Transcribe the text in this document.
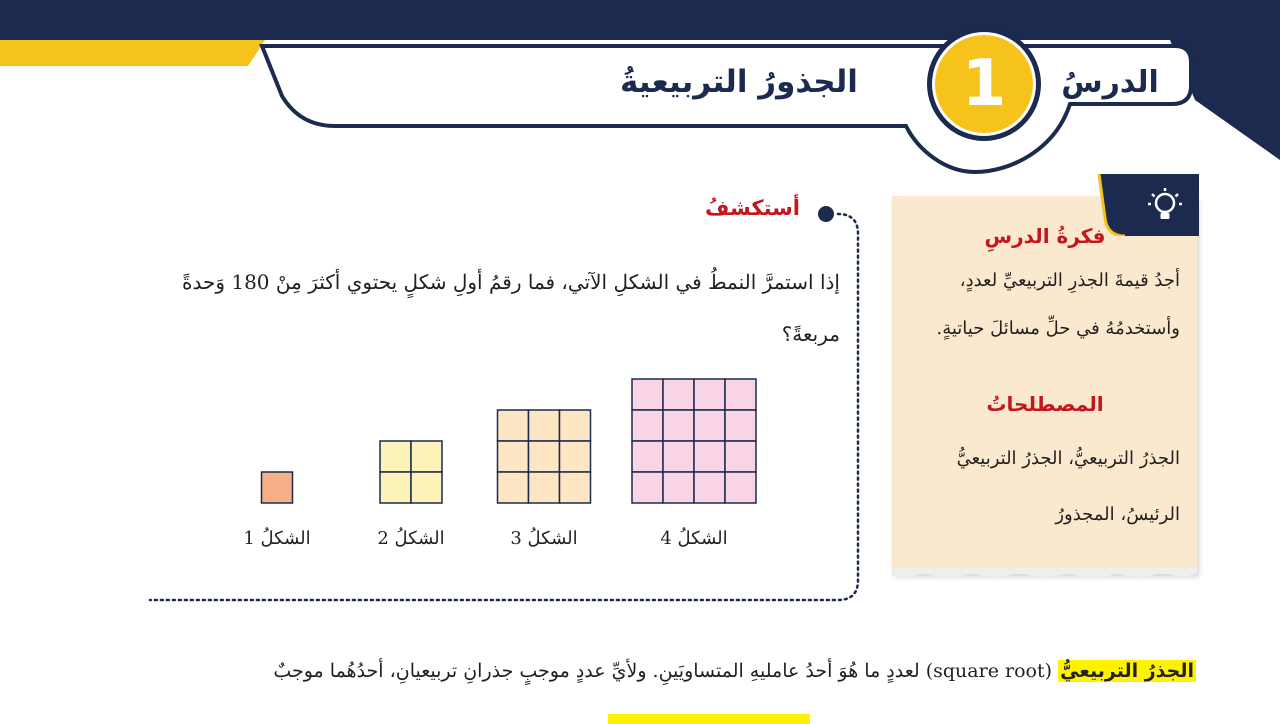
الدرسُ
1
الجذورُ التربيعيةُ
أستكشفُ
إذا استمرَّ النمطُ في الشكلِ الآتي، فما رقمُ أولِ شكلٍ يحتوي أكثرَ مِنْ 180 وَحدةً مربعةً؟
الشكلُ 1	الشكلُ 2	الشكلُ 3	الشكلُ 4
فكرةُ الدرسِ
أجدُ قيمةَ الجذرِ التربيعيِّ لعددٍ،
وأستخدمُهُ في حلِّ مسائلَ حياتيةٍ.
المصطلحاتُ
الجذرُ التربيعيُّ، الجذرُ التربيعيُّ
الرئيسُ، المجذورُ
الجذرُ التربيعيُّ (square root) لعددٍ ما هُوَ أحدُ عامليهِ المتساويَينِ. ولأيِّ عددٍ موجبٍ جذرانِ تربيعيانِ، أحدُهُما موجبٌ
